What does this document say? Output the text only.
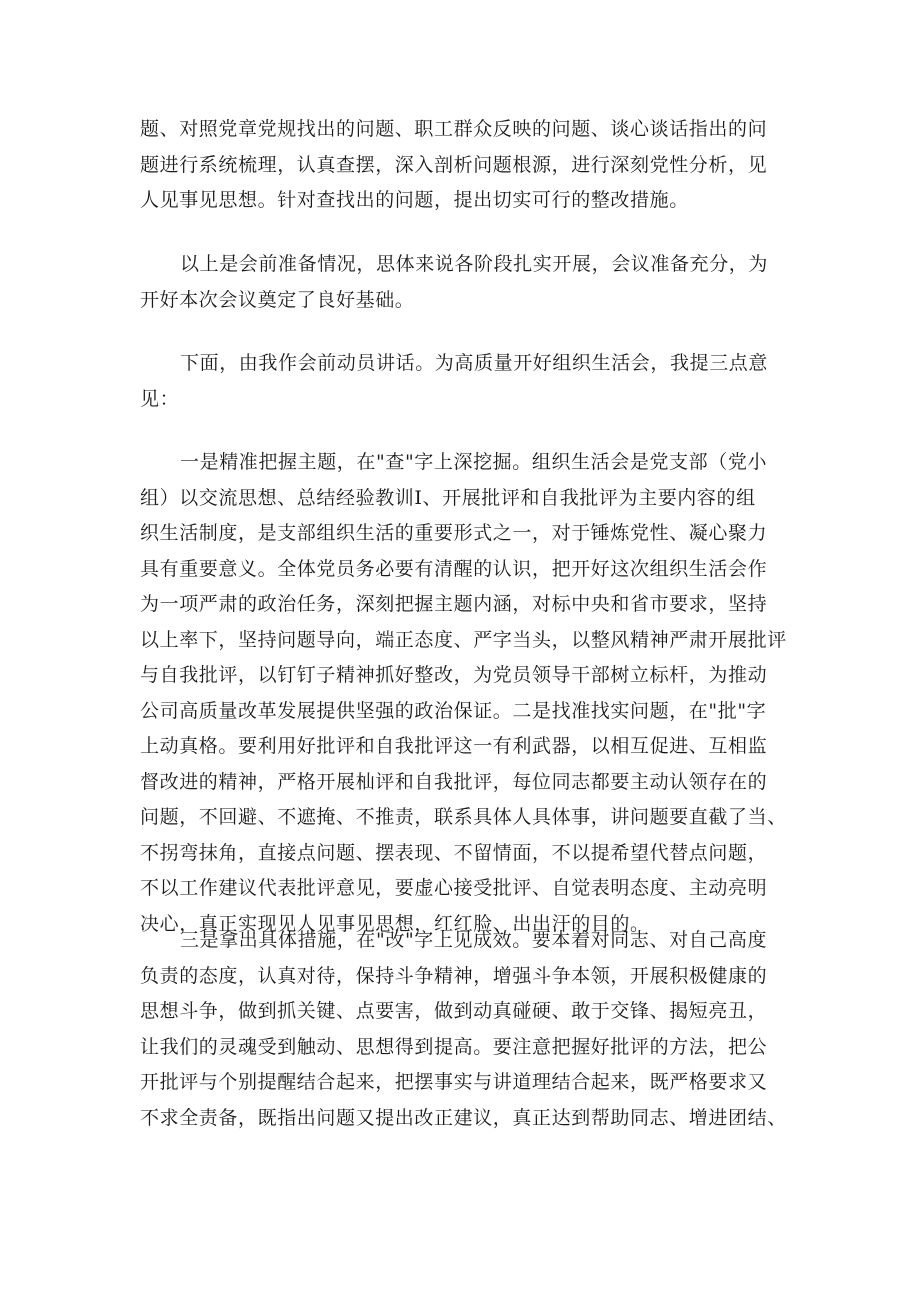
题、对照党章党规找出的问题、职工群众反映的问题、谈心谈话指出的问
题进行系统梳理，认真查摆，深入剖析问题根源，进行深刻党性分析，见
人见事见思想。针对查找出的问题，提出切实可行的整改措施。
以上是会前准备情况，思体来说各阶段扎实开展，会议准备充分，为
开好本次会议奠定了良好基础。
下面，由我作会前动员讲话。为高质量开好组织生活会，我提三点意
见：
一是精准把握主题，在"查"字上深挖掘。组织生活会是党支部（党小
组）以交流思想、总结经验教训I、开展批评和自我批评为主要内容的组
织生活制度，是支部组织生活的重要形式之一，对于锤炼党性、凝心聚力
具有重要意义。全体党员务必要有清醒的认识，把开好这次组织生活会作
为一项严肃的政治任务，深刻把握主题内涵，对标中央和省市要求，坚持
以上率下，坚持问题导向，端正态度、严字当头，以整风精神严肃开展批评
与自我批评，以钉钉子精神抓好整改，为党员领导干部树立标杆，为推动
公司高质量改革发展提供坚强的政治保证。二是找准找实问题，在"批"字
上动真格。要利用好批评和自我批评这一有利武器，以相互促进、互相监
督改进的精神，严格开展杣评和自我批评，每位同志都要主动认领存在的
问题，不回避、不遮掩、不推责，联系具体人具体事，讲问题要直截了当、
不拐弯抹角，直接点问题、摆表现、不留情面，不以提希望代替点问题，
不以工作建议代表批评意见，要虚心接受批评、自觉表明态度、主动亮明
决心，真正实现见人见事见思想，红红脸、出出汗的目的。
三是拿出具体措施，在"改"字上见成效。要本着对同志、对自己高度
负责的态度，认真对待，保持斗争精神，增强斗争本领，开展积极健康的
思想斗争，做到抓关键、点要害，做到动真碰硬、敢于交锋、揭短亮丑，
让我们的灵魂受到触动、思想得到提高。要注意把握好批评的方法，把公
开批评与个别提醒结合起来，把摆事实与讲道理结合起来，既严格要求又
不求全责备，既指出问题又提出改正建议，真正达到帮助同志、增进团结、
